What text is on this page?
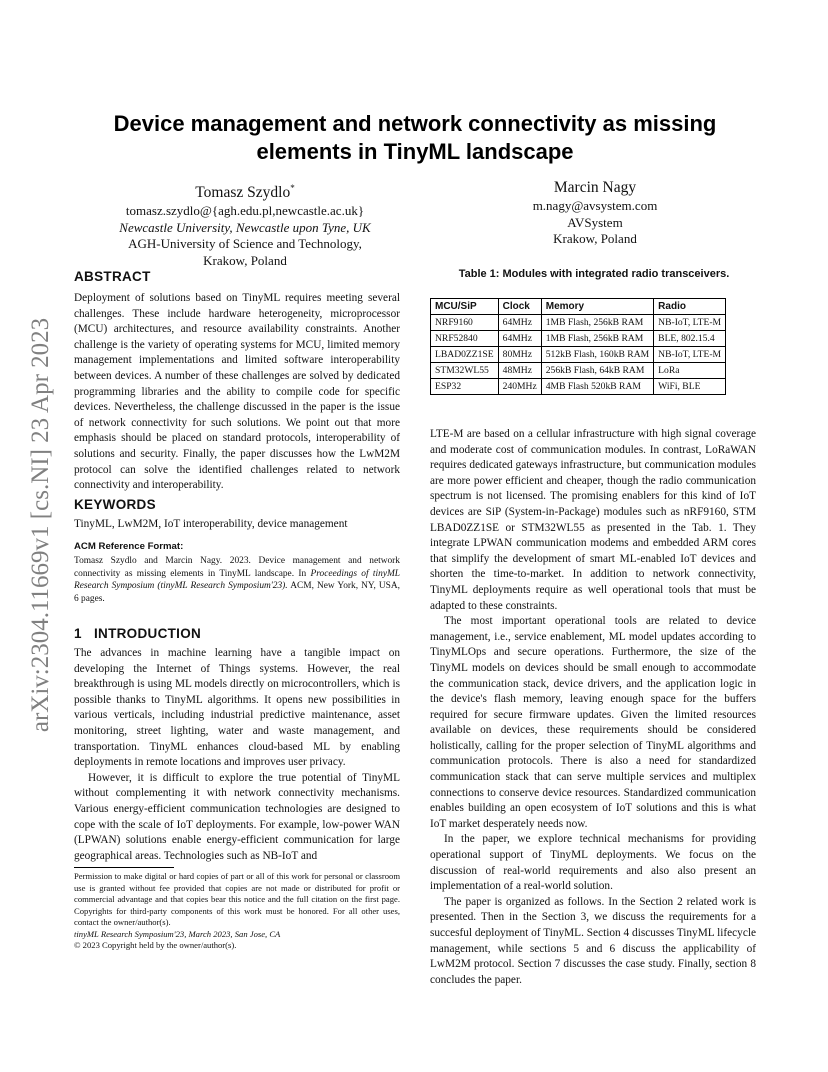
Device management and network connectivity as missing elements in TinyML landscape
Tomasz Szydlo*
tomasz.szydlo@{agh.edu.pl,newcastle.ac.uk}
Newcastle University, Newcastle upon Tyne, UK
AGH-University of Science and Technology,
Krakow, Poland
Marcin Nagy
m.nagy@avsystem.com
AVSystem
Krakow, Poland
arXiv:2304.11669v1 [cs.NI] 23 Apr 2023
ABSTRACT

Deployment of solutions based on TinyML requires meeting several challenges. These include hardware heterogeneity, microprocessor (MCU) architectures, and resource availability constraints. Another challenge is the variety of operating systems for MCU, limited memory management implementations and limited software interoperability between devices. A number of these challenges are solved by dedicated programming libraries and the ability to compile code for specific devices. Nevertheless, the challenge discussed in the paper is the issue of network connectivity for such solutions. We point out that more emphasis should be placed on standard protocols, interoperability of solutions and security. Finally, the paper discusses how the LwM2M protocol can solve the identified challenges related to network connectivity and interoperability.

KEYWORDS
TinyML, LwM2M, IoT interoperability, device management
ACM Reference Format:
Tomasz Szydlo and Marcin Nagy. 2023. Device management and network connectivity as missing elements in TinyML landscape. In Proceedings of tinyML Research Symposium (tinyML Research Symposium'23). ACM, New York, NY, USA, 6 pages.
1 INTRODUCTION

The advances in machine learning have a tangible impact on developing the Internet of Things systems. However, the real breakthrough is using ML models directly on microcontrollers, which is possible thanks to TinyML algorithms. It opens new possibilities in various verticals, including industrial predictive maintenance, asset monitoring, street lighting, water and waste management, and transportation. TinyML enhances cloud-based ML by enabling deployments in remote locations and improves user privacy.

However, it is difficult to explore the true potential of TinyML without complementing it with network connectivity mechanisms. Various energy-efficient communication technologies are designed to cope with the scale of IoT deployments. For example, low-power WAN (LPWAN) solutions enable energy-efficient communication for large geographical areas. Technologies such as NB-IoT and

Permission to make digital or hard copies of part or all of this work for personal or classroom use is granted without fee provided that copies are not made or distributed for profit or commercial advantage and that copies bear this notice and the full citation on the first page. Copyrights for third-party components of this work must be honored. For all other uses, contact the owner/author(s).
tinyML Research Symposium'23, March 2023, San Jose, CA
© 2023 Copyright held by the owner/author(s).
Table 1: Modules with integrated radio transceivers.
MCU/SiP	Clock	Memory	Radio
NRF9160	64MHz	1MB Flash, 256kB RAM	NB-IoT, LTE-M
NRF52840	64MHz	1MB Flash, 256kB RAM	BLE, 802.15.4
LBAD0ZZ1SE	80MHz	512kB Flash, 160kB RAM	NB-IoT, LTE-M
STM32WL55	48MHz	256kB Flash, 64kB RAM	LoRa
ESP32	240MHz	4MB Flash 520kB RAM	WiFi, BLE

LTE-M are based on a cellular infrastructure with high signal coverage and moderate cost of communication modules. In contrast, LoRaWAN requires dedicated gateways infrastructure, but communication modules are more power efficient and cheaper, though the radio communication spectrum is not licensed. The promising enablers for this kind of IoT devices are SiP (System-in-Package) modules such as nRF9160, STM LBAD0ZZ1SE or STM32WL55 as presented in the Tab. 1. They integrate LPWAN communication modems and embedded ARM cores that simplify the development of smart ML-enabled IoT devices and shorten the time-to-market. In addition to network connectivity, TinyML deployments require as well operational tools that must be adapted to these constraints.

The most important operational tools are related to device management, i.e., service enablement, ML model updates according to TinyMLOps and secure operations. Furthermore, the size of the TinyML models on devices should be small enough to accommodate the communication stack, device drivers, and the application logic in the device's flash memory, leaving enough space for the buffers required for secure firmware updates. Given the limited resources available on devices, these requirements should be considered holistically, calling for the proper selection of TinyML algorithms and communication protocols. There is also a need for standardized communication stack that can serve multiple services and multiplex connections to conserve device resources. Standardized communication enables building an open ecosystem of IoT solutions and this is what IoT market desperately needs now.

In the paper, we explore technical mechanisms for providing operational support of TinyML deployments. We focus on the discussion of real-world requirements and also also present an implementation of a real-world solution.

The paper is organized as follows. In the Section 2 related work is presented. Then in the Section 3, we discuss the requirements for a succesful deployment of TinyML. Section 4 discusses TinyML lifecycle management, while sections 5 and 6 discuss the applicability of LwM2M protocol. Section 7 discusses the case study. Finally, section 8 concludes the paper.
